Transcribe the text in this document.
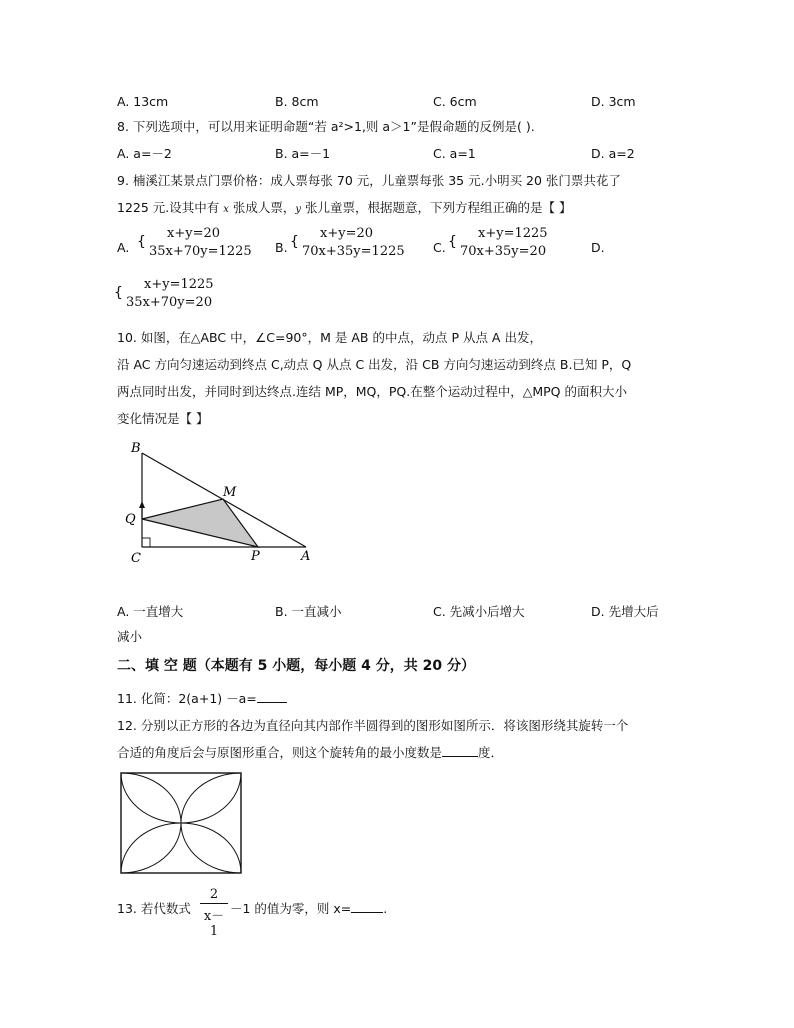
A. 13cm	B. 8cm	C. 6cm	D. 3cm
8. 下列选项中，可以用来证明命题“若 a²>1,则 a＞1”是假命题的反例是( ).
A. a=－2	B. a=－1	C. a=1	D. a=2
9. 楠溪江某景点门票价格：成人票每张 70 元，儿童票每张 35 元.小明买 20 张门票共花了
1225 元.设其中有 x 张成人票，y 张儿童票，根据题意，下列方程组正确的是【 】
A. {
x+y=20
35x+70y=1225 B. {
x+y=20
70x+35y=1225 C. {
x+y=1225
70x+35y=20	D.
{
x+y=1225
35x+70y=20
10. 如图，在△ABC 中，∠C=90°，M 是 AB 的中点，动点 P 从点 A 出发，
沿 AC 方向匀速运动到终点 C,动点 Q 从点 C 出发，沿 CB 方向匀速运动到终点 B.已知 P，Q
两点同时出发，并同时到达终点.连结 MP，MQ，PQ.在整个运动过程中，△MPQ 的面积大小
变化情况是【 】
B
M
Q
C	P	A
A. 一直增大	B. 一直减小	C. 先减小后增大	D. 先增大后
减小
二、填 空 题（本题有 5 小题，每小题 4 分，共 20 分）
11. 化简：2(a+1) －a=
12. 分别以正方形的各边为直径向其内部作半圆得到的图形如图所示．将该图形绕其旋转一个
合适的角度后会与原图形重合，则这个旋转角的最小度数是	度．
13. 若代数式 $\frac{2}{x-1} -1$ 的值为零，则 x=	.
